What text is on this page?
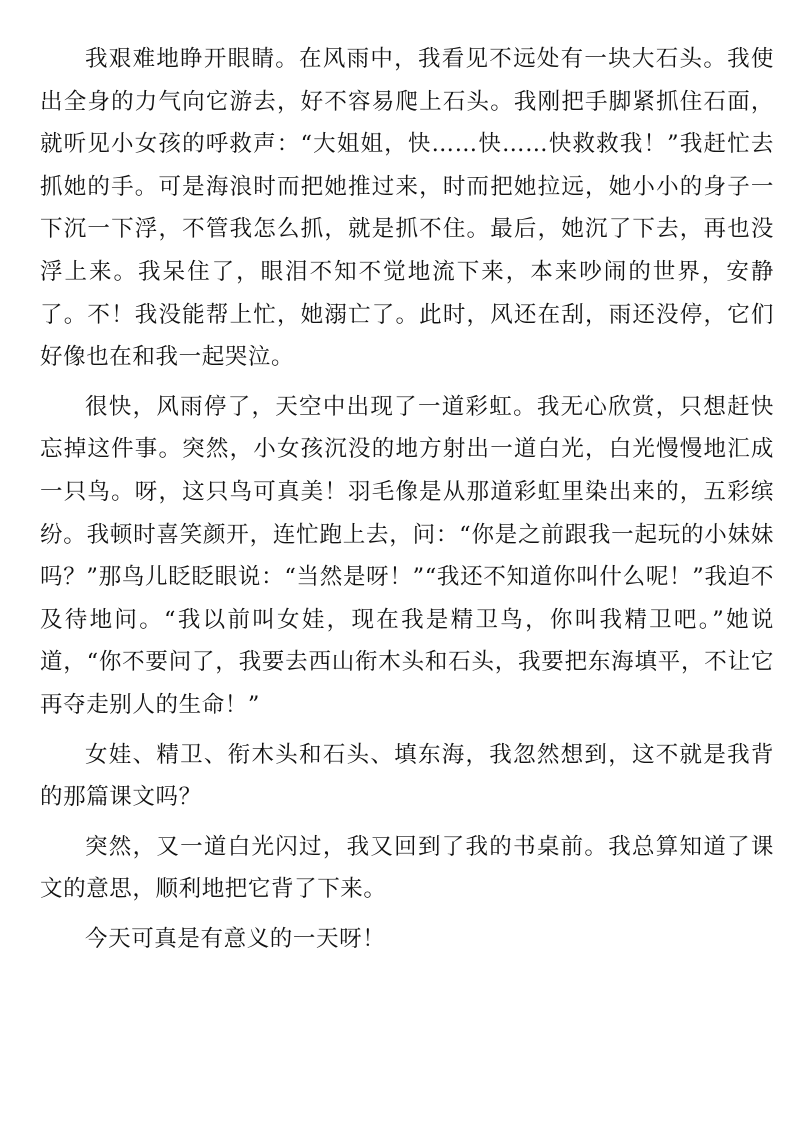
我艰难地睁开眼睛。在风雨中，我看见不远处有一块大石头。我使出全身的力气向它游去，好不容易爬上石头。我刚把手脚紧抓住石面，就听见小女孩的呼救声：“大姐姐，快……快……快救救我！”我赶忙去抓她的手。可是海浪时而把她推过来，时而把她拉远，她小小的身子一下沉一下浮，不管我怎么抓，就是抓不住。最后，她沉了下去，再也没浮上来。我呆住了，眼泪不知不觉地流下来，本来吵闹的世界，安静了。不！我没能帮上忙，她溺亡了。此时，风还在刮，雨还没停，它们好像也在和我一起哭泣。

很快，风雨停了，天空中出现了一道彩虹。我无心欣赏，只想赶快忘掉这件事。突然，小女孩沉没的地方射出一道白光，白光慢慢地汇成一只鸟。呀，这只鸟可真美！羽毛像是从那道彩虹里染出来的，五彩缤纷。我顿时喜笑颜开，连忙跑上去，问：“你是之前跟我一起玩的小妹妹吗？”那鸟儿眨眨眼说：“当然是呀！”“我还不知道你叫什么呢！”我迫不及待地问。“我以前叫女娃，现在我是精卫鸟，你叫我精卫吧。”她说道，“你不要问了，我要去西山衔木头和石头，我要把东海填平，不让它再夺走别人的生命！”

女娃、精卫、衔木头和石头、填东海，我忽然想到，这不就是我背的那篇课文吗？

突然，又一道白光闪过，我又回到了我的书桌前。我总算知道了课文的意思，顺利地把它背了下来。

今天可真是有意义的一天呀！
